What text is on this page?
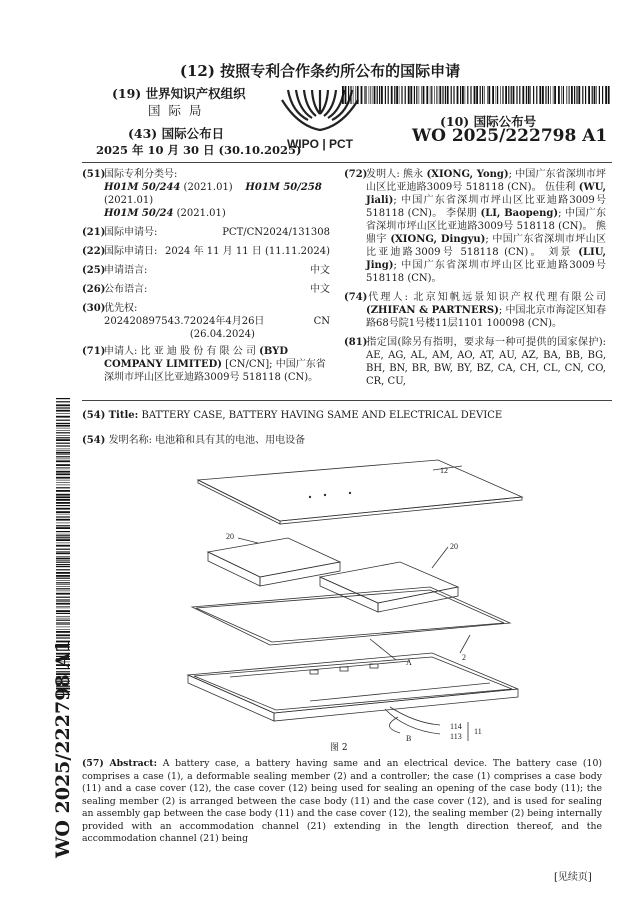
(12) 按照专利合作条约所公布的国际申请
(19) 世界知识产权组织
国 际 局
(43) 国际公布日
2025 年 10 月 30 日 (30.10.2025)
WIPO | PCT
(10) 国际公布号
WO 2025/222798 A1
(51)国际专利分类号:
H01M 50/244 (2021.01) H01M 50/258 (2021.01)
H01M 50/24 (2021.01)
(21)国际申请号:	PCT/CN2024/131308
(22)国际申请日: 2024 年 11 月 11 日 (11.11.2024)
(25)申请语言:	中文
(26)公布语言:	中文
(30)优先权:
202420897543.7 2024年4月26日 (26.04.2024)
CN
(71)申请人: 比 亚 迪 股 份 有 限 公 司 (BYD COMPANY LIMITED) [CN/CN]; 中国广东省深圳市坪山区比亚迪路3009号 518118 (CN)。
(72)发明人: 熊永 (XIONG, Yong); 中国广东省深圳市坪山区比亚迪路3009号 518118 (CN)。 伍佳利 (WU, Jiali); 中国广东省深圳市坪山区比亚迪路3009号 518118 (CN)。 李保朋 (LI, Baopeng); 中国广东省深圳市坪山区比亚迪路3009号 518118 (CN)。 熊鼎宇 (XIONG, Dingyu); 中国广东省深圳市坪山区比亚迪路3009号 518118 (CN)。 刘景 (LIU, Jing); 中国广东省深圳市坪山区比亚迪路3009号 518118 (CN)。
(74)代理人: 北京知帆远景知识产权代理有限公司 (ZHIFAN & PARTNERS); 中国北京市海淀区知春路68号院1号楼11层1101 100098 (CN)。
(81)指定国(除另有指明，要求每一种可提供的国家保护): AE, AG, AL, AM, AO, AT, AU, AZ, BA, BB, BG, BH, BN, BR, BW, BY, BZ, CA, CH, CL, CN, CO, CR, CU,
WO 2025/222798 A1
(54) Title: BATTERY CASE, BATTERY HAVING SAME AND ELECTRICAL DEVICE
(54) 发明名称: 电池箱和具有其的电池、用电设备
12
20
20
A
2
114
113
11
B
图 2
(57) Abstract: A battery case, a battery having same and an electrical device. The battery case (10) comprises a case (1), a deformable sealing member (2) and a controller; the case (1) comprises a case body (11) and a case cover (12), the case cover (12) being used for sealing an opening of the case body (11); the sealing member (2) is arranged between the case body (11) and the case cover (12), and is used for sealing an assembly gap between the case body (11) and the case cover (12), the sealing member (2) being internally provided with an accommodation channel (21) extending in the length direction thereof, and the accommodation channel (21) being
[见续页]
